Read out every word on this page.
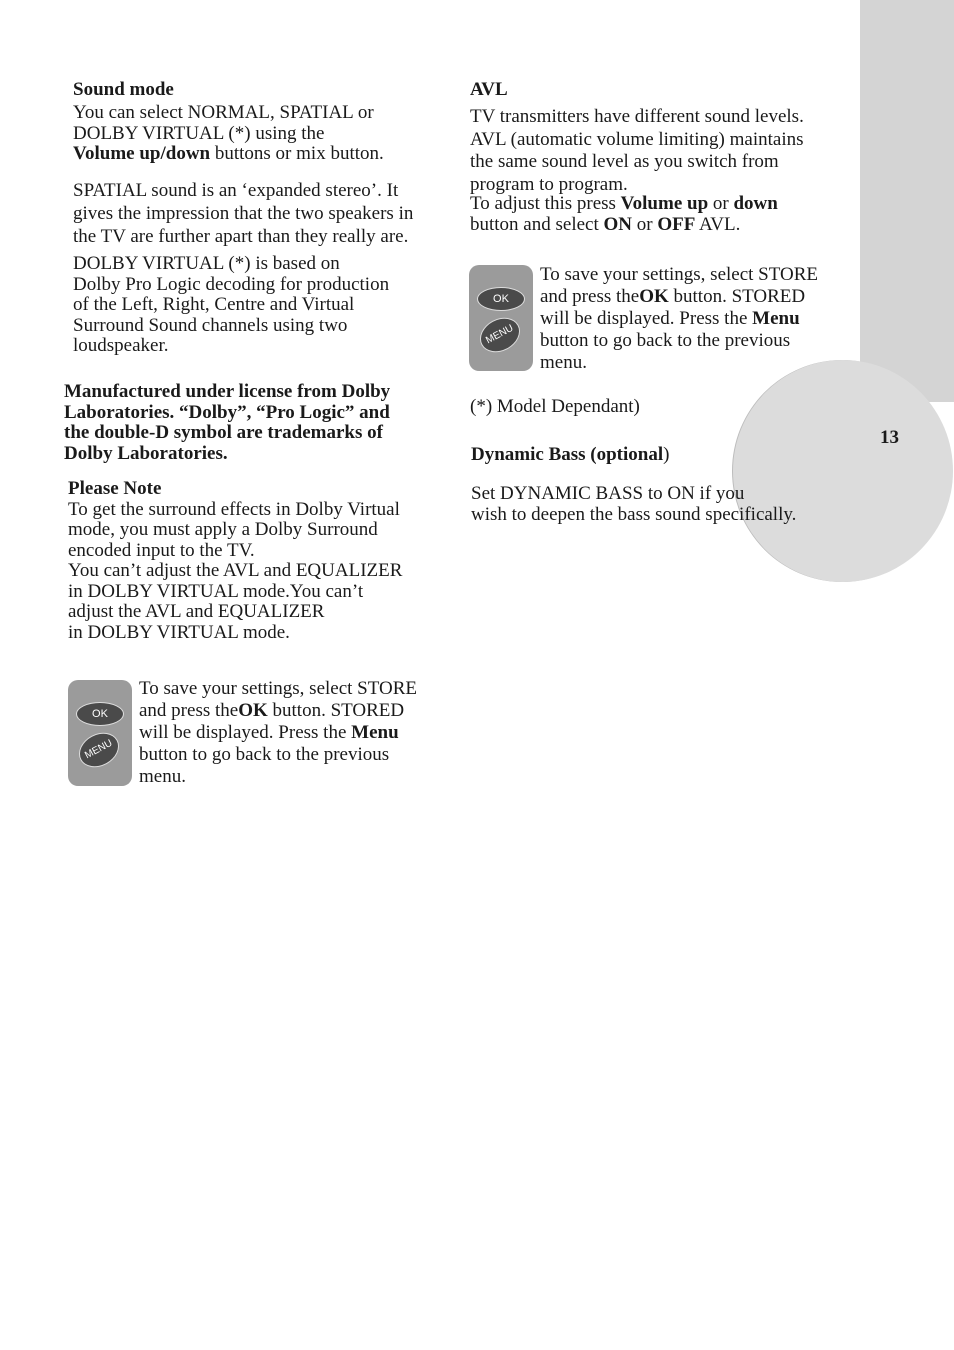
13
Sound mode

You can select NORMAL, SPATIAL or

DOLBY VIRTUAL (*) using the

Volume up/down buttons or mix button.

SPATIAL sound is an ‘expanded stereo’. It

gives the impression that the two speakers in

the TV are further apart than they really are.

DOLBY VIRTUAL (*) is based on

Dolby Pro Logic decoding for production

of the Left, Right, Centre and Virtual

Surround Sound channels using two

loudspeaker.

Manufactured under license from Dolby

Laboratories. “Dolby”, “Pro Logic” and

the double-D symbol are trademarks of

Dolby Laboratories.

Please Note

To get the surround effects in Dolby Virtual

mode, you must apply a Dolby Surround

encoded input to the TV.

You can’t adjust the AVL and EQUALIZER

in DOLBY VIRTUAL mode.You can’t

adjust the AVL and EQUALIZER

in DOLBY VIRTUAL mode.

OK
MENU

To save your settings, select STORE

and press theOK button. STORED

will be displayed. Press the Menu

button to go back to the previous

menu.

AVL

TV transmitters have different sound levels.

AVL (automatic volume limiting) maintains

the same sound level as you switch from

program to program.

To adjust this press Volume up or down

button and select ON or OFF AVL.

OK
MENU

To save your settings, select STORE

and press theOK button. STORED

will be displayed. Press the Menu

button to go back to the previous

menu.

(*) Model Dependant)
Dynamic Bass (optional)

Set DYNAMIC BASS to ON if you

wish to deepen the bass sound specifically.
